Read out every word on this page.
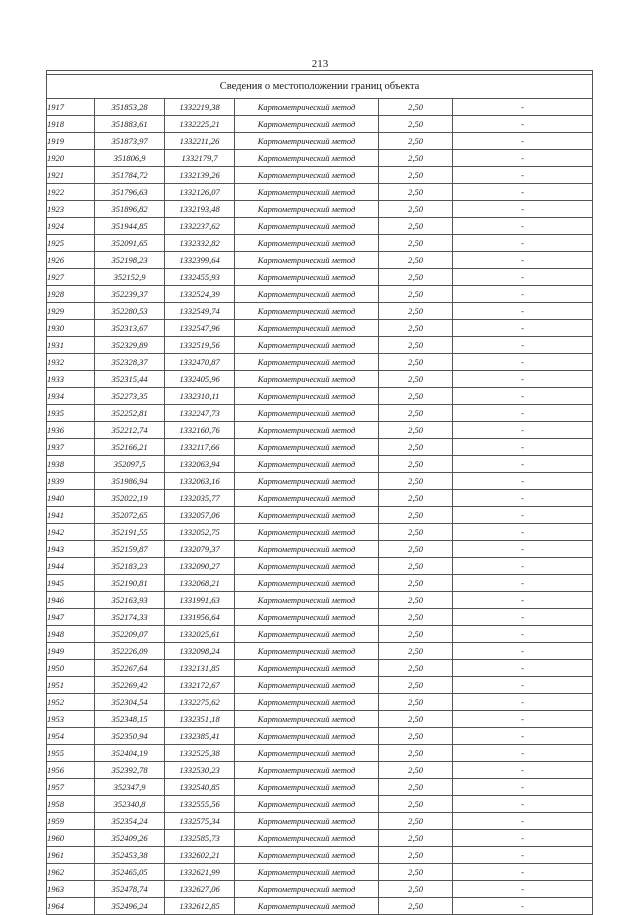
213

Сведения о местоположении границ объекта					
1917	351853,28	1332219,38	Картометрический метод	2,50	-
1918	351883,61	1332225,21	Картометрический метод	2,50	-
1919	351873,97	1332211,26	Картометрический метод	2,50	-
1920	351806,9	1332179,7	Картометрический метод	2,50	-
1921	351784,72	1332139,26	Картометрический метод	2,50	-
1922	351796,63	1332126,07	Картометрический метод	2,50	-
1923	351896,82	1332193,48	Картометрический метод	2,50	-
1924	351944,85	1332237,62	Картометрический метод	2,50	-
1925	352091,65	1332332,82	Картометрический метод	2,50	-
1926	352198,23	1332399,64	Картометрический метод	2,50	-
1927	352152,9	1332455,93	Картометрический метод	2,50	-
1928	352239,37	1332524,39	Картометрический метод	2,50	-
1929	352280,53	1332549,74	Картометрический метод	2,50	-
1930	352313,67	1332547,96	Картометрический метод	2,50	-
1931	352329,89	1332519,56	Картометрический метод	2,50	-
1932	352328,37	1332470,87	Картометрический метод	2,50	-
1933	352315,44	1332405,96	Картометрический метод	2,50	-
1934	352273,35	1332310,11	Картометрический метод	2,50	-
1935	352252,81	1332247,73	Картометрический метод	2,50	-
1936	352212,74	1332160,76	Картометрический метод	2,50	-
1937	352166,21	1332117,66	Картометрический метод	2,50	-
1938	352097,5	1332063,94	Картометрический метод	2,50	-
1939	351986,94	1332063,16	Картометрический метод	2,50	-
1940	352022,19	1332035,77	Картометрический метод	2,50	-
1941	352072,65	1332057,06	Картометрический метод	2,50	-
1942	352191,55	1332052,75	Картометрический метод	2,50	-
1943	352159,87	1332079,37	Картометрический метод	2,50	-
1944	352183,23	1332090,27	Картометрический метод	2,50	-
1945	352190,81	1332068,21	Картометрический метод	2,50	-
1946	352163,93	1331991,63	Картометрический метод	2,50	-
1947	352174,33	1331956,64	Картометрический метод	2,50	-
1948	352209,07	1332025,61	Картометрический метод	2,50	-
1949	352226,09	1332098,24	Картометрический метод	2,50	-
1950	352267,64	1332131,85	Картометрический метод	2,50	-
1951	352269,42	1332172,67	Картометрический метод	2,50	-
1952	352304,54	1332275,62	Картометрический метод	2,50	-
1953	352348,15	1332351,18	Картометрический метод	2,50	-
1954	352350,94	1332385,41	Картометрический метод	2,50	-
1955	352404,19	1332525,38	Картометрический метод	2,50	-
1956	352392,78	1332530,23	Картометрический метод	2,50	-
1957	352347,9	1332540,85	Картометрический метод	2,50	-
1958	352340,8	1332555,56	Картометрический метод	2,50	-
1959	352354,24	1332575,34	Картометрический метод	2,50	-
1960	352409,26	1332585,73	Картометрический метод	2,50	-
1961	352453,38	1332602,21	Картометрический метод	2,50	-
1962	352465,05	1332621,99	Картометрический метод	2,50	-
1963	352478,74	1332627,06	Картометрический метод	2,50	-
1964	352496,24	1332612,85	Картометрический метод	2,50	-
